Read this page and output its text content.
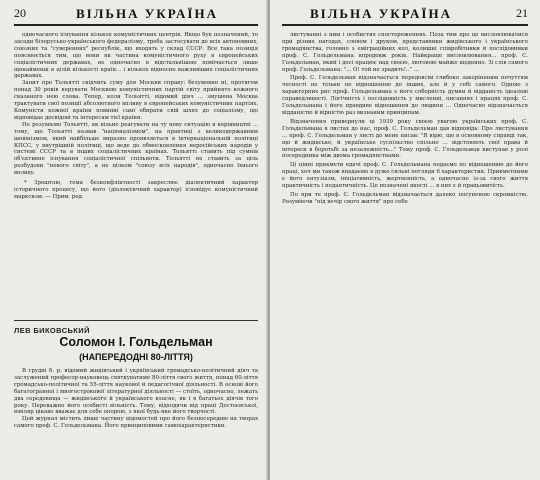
20	ВІЛЬНА УКРАЇНА

одночасного існування кількох комуністичних центрів. Якщо був позначений, то засади білорусько-українського федералізму, треба застосувати до всіх автономних, союзних та "суверенних" республік, що входять у склад СССР. Все така позиція пояснюється тим, що вони як частина комуністичного руху в європейських соціалістичних державах, не одночасно в відстальнішою помічається лише щонайменш в цілій кількості країн... і кількох відносно важливіших соціалістичних державах.

Запит про Тольятті свідчить суму для Москви справу: безумовно ні, протягом понад 30 років керувати Москвою комуністичних партій світу прийнято кожного сказаного нею слова. Тепер, коли Тольятті, відомий діяч ... змушена Москва трактувати свої позиції абсолютного впливу в європейських комуністичних партіях. Комуністи кожної країни повинні самі обирати свій шлях до соціалізму, що відповідає досвідові та інтересам тієї країни.

Не розуміємо Тольятті, як вільно реагувати на ту нову ситуацію в керівництві ... тому, що Тольятті назвав "націоналізмом", на практиці з великодержавним шовінізмом, який найбільше виразно проявляється в інтернаціональній політиці КПСС, у внутрішній політиці, що веде до обмосковлення неросійських народів у системі СССР та в інших соціалістичних країнах. Тольятті ставить під сумнів об'єктивне існування соціалістичної спільноти. Тольятті не ставить за ціль розбудови "нового світу", а не цілком "союзу всіх народів", одночасно їхнього впливу.

* Зрештою, тема безконфліктності закреслює діалектичний характер історичного процесу, що його (діалектичний характер) ісповідує комуністичний марксизм. — Прим. ред.

ЛЕВ БИКОВСЬКИЙ
Соломон І. Гольдельман
(НАПЕРЕДОДНІ 80-ЛІТТЯ)

В грудні б. р. відомий жидівський і український громадсько-політичний діяч та заслужений професор-науковець святкуватиме 80-ліття свого життя, понад 60-ліття громадсько-політичної та 55-ліття наукової й педагогічної діяльності. В основі його багатогранної і многострокової літературної діяльності — стоїть, одночасно, лежать два середовища — жидівського й українського власне, як і в багатьох діячів того року. Переважно його особисті вільність. Тому, відходячи від праці Достоєвської, ювіляр цікаво вважає для себе опорою, з якої будь-яке його творчості.

Цей журнал містить лише частину відомостей про його безпосередню на творах самого проф. С. Гольдельмана. Його принциповими самохарактеристики.

ВІЛЬНА УКРАЇНА	21

листуванні з ним і особистих спостереженнях. Поза тим про це висловлювалися при різних нагодах, словом і друком, представники жидівського і українського громадянства, головно з еміграційних кол, колишні співробітники й послідовники проф. С. Гольдельмана впродовж років. Найкраще висловлювання... проф. С. Гольдельман, який і досі працює над своєю, лютовою майже щоденно. Зі слів самого проф. Гольдельмана: "... О! той не зрадить!.." ...

Проф. С. Гольдельман відзначається передовсім глибоко закоріненим почуттям чесності не тільки по відношенню до інших, але й у собі самого. Одною з характерних рис проф. Гольдельмана є його соборність думки й відданість ідеалові справедливості. Логічність і послідовність у мисленні, писаннях і працях проф. С. Гольдельмана і його правдиве відношення до людини ... Одночасно відзначається відданістю й вірністю раз визнаним принципам.

Відзначення привернули ці 1939 року своєю увагою українських проф. С. Гольдельмана в листах до нас, проф. С. Гольдельман дав відповідь: Про листування ... проф. С. Гольдельман у листі до мене писав: "Я вірю, що в основному справді так, що й жидівське, й українське суспільство спільно ... відстоюють свої права й інтереси в боротьбі за незалежність..." Тому проф. С. Гольдельман виступав у ролі посередника між двома громадянствами.

Ці цінні прикмети вдачі проф. С. Гольдельмана подаємо по відношенню до його праці, хоч ми також впадаємо в дуже сильні погляди її характеристик. Прикметними є його ентузіазм, ініціативність, жертвенність, а одночасно із-за свого життя практичність і педантичність. Це позначені якості ... в них є й працьовитість.

По при те проф. С. Гольдельман відзначається далеко посуненою скромністю. Розуміючи "під вечір свого життя" про себе
